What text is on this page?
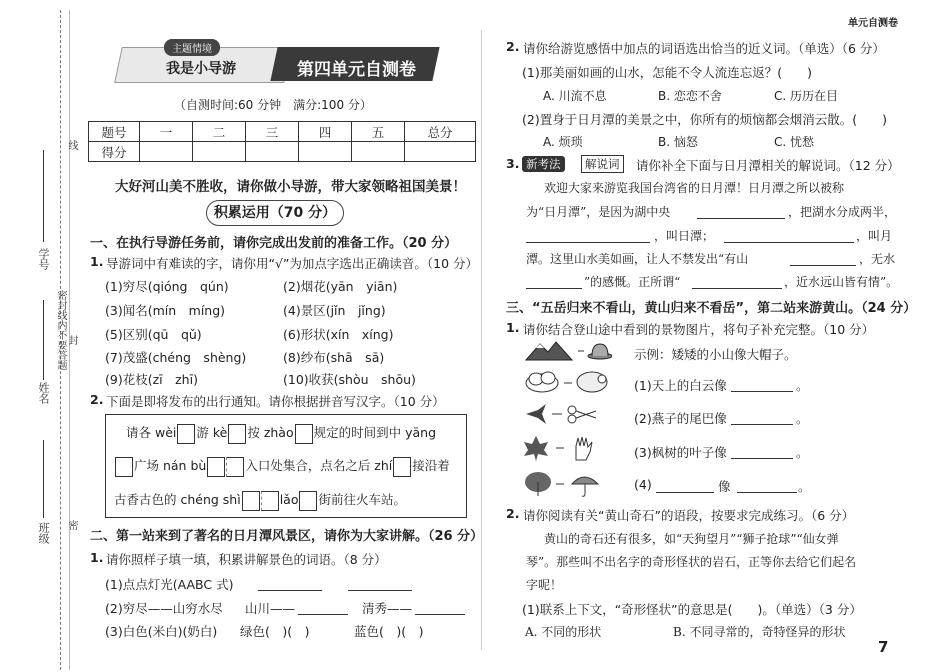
线
密封线内不要答题 封
密
学号
姓名
班级
单元自测卷
7
主题情境
我是小导游	第四单元自测卷
（自测时间:60 分钟　满分:100 分）
题号	一	二	三	四	五	总分
得分						
大好河山美不胜收，请你做小导游，带大家领略祖国美景！
积累运用（70 分）
一、在执行导游任务前，请你完成出发前的准备工作。（20 分）
1. 导游词中有难读的字，请你用“√”为加点字选出正确读音。（10 分）
(1)穷尽(qióng　qún)	(2)烟花(yān　yiān)
(3)闻名(mín　míng)	(4)景区(jǐn　jǐng)
(5)区别(qū　qǔ)	(6)形状(xín　xíng)
(7)茂盛(chéng　shèng)	(8)纱布(shā　sā)
(9)花枝(zī　zhī)	(10)收获(shòu　shōu)
2. 下面是即将发布的出行通知。请你根据拼音写汉字。（10 分）
请各 wèi 游 kè 按 zhào 规定的时间到中 yāng
广场 nán bù	入口处集合，点名之后 zhí 接沿着
古香古色的 chéng shì	lǎo 街前往火车站。
二、第一站来到了著名的日月潭风景区，请你为大家讲解。（26 分）
1. 请你照样子填一填，积累讲解景色的词语。（8 分）
(1)点点灯光(AABC 式)
(2)穷尽——山穷水尽 山川——	清秀——
(3)白色(米白)(奶白) 绿色(　)(　)	蓝色(　)(　)
2. 请你给游览感悟中加点的词语选出恰当的近义词。（单选）（6 分）
(1)那美丽如画的山水，怎能不令人流连忘返？(　　)
A. 川流不息	B. 恋恋不舍	C. 历历在目
(2)置身于日月潭的美景之中，你所有的烦恼都会烟消云散。(　　)
A. 烦琐	B. 恼怒	C. 忧愁
3. 新考法	解说词	请你补全下面与日月潭相关的解说词。（12 分）
欢迎大家来游览我国台湾省的日月潭！日月潭之所以被称
为“日月潭”，是因为湖中央	，把湖水分成两半，
，叫日潭；	，叫月
潭。这里山水美如画，让人不禁发出“有山	，无水
”的感慨。正所谓“	，近水远山皆有情”。
三、“五岳归来不看山，黄山归来不看岳”，第二站来游黄山。（24 分）
1. 请你结合登山途中看到的景物图片，将句子补充完整。（10 分）
示例：矮矮的小山像大帽子。
(1)天上的白云像	。
(2)燕子的尾巴像	。
(3)枫树的叶子像	。
(4)	像	。
2. 请你阅读有关“黄山奇石”的语段，按要求完成练习。（6 分）
黄山的奇石还有很多，如“天狗望月”“狮子抢球”“仙女弹
琴”。那些叫不出名字的奇形怪状的岩石，正等你去给它们起名
字呢！
(1)联系上下文，“奇形怪状”的意思是(　　)。（单选）（3 分）
A. 不同的形状	B. 不同寻常的，奇特怪异的形状
